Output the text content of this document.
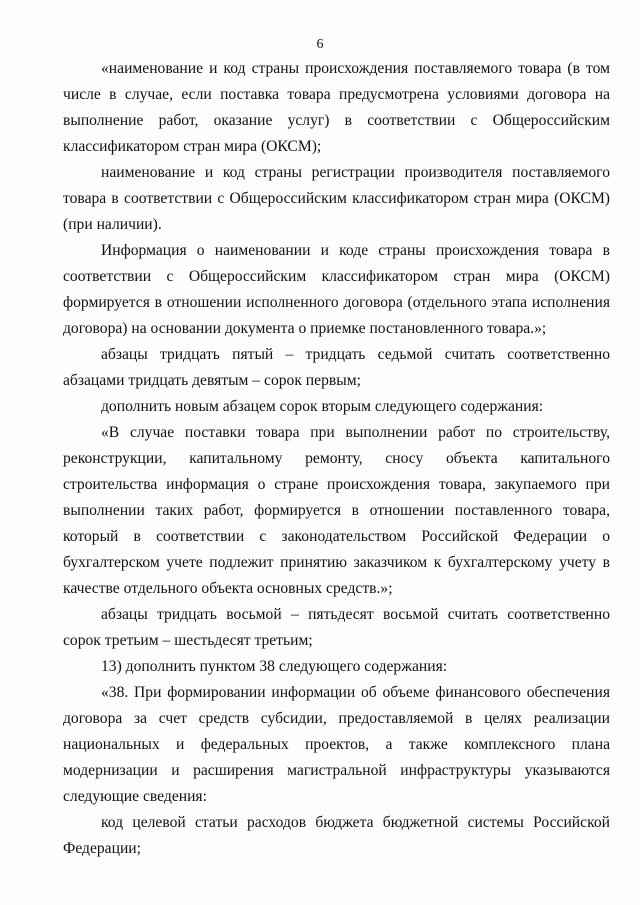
6

«наименование и код страны происхождения поставляемого товара (в том числе в случае, если поставка товара предусмотрена условиями договора на выполнение работ, оказание услуг) в соответствии с Общероссийским классификатором стран мира (ОКСМ);

наименование и код страны регистрации производителя поставляемого товара в соответствии с Общероссийским классификатором стран мира (ОКСМ) (при наличии).

Информация о наименовании и коде страны происхождения товара в соответствии с Общероссийским классификатором стран мира (ОКСМ) формируется в отношении исполненного договора (отдельного этапа исполнения договора) на основании документа о приемке постановленного товара.»;

абзацы тридцать пятый – тридцать седьмой считать соответственно абзацами тридцать девятым – сорок первым;

дополнить новым абзацем сорок вторым следующего содержания:

«В случае поставки товара при выполнении работ по строительству, реконструкции, капитальному ремонту, сносу объекта капитального строительства информация о стране происхождения товара, закупаемого при выполнении таких работ, формируется в отношении поставленного товара, который в соответствии с законодательством Российской Федерации о бухгалтерском учете подлежит принятию заказчиком к бухгалтерскому учету в качестве отдельного объекта основных средств.»;

абзацы тридцать восьмой – пятьдесят восьмой считать соответственно сорок третьим – шестьдесят третьим;

13) дополнить пунктом 38 следующего содержания:

«38. При формировании информации об объеме финансового обеспечения договора за счет средств субсидии, предоставляемой в целях реализации национальных и федеральных проектов, а также комплексного плана модернизации и расширения магистральной инфраструктуры указываются следующие сведения:

код целевой статьи расходов бюджета бюджетной системы Российской Федерации;
